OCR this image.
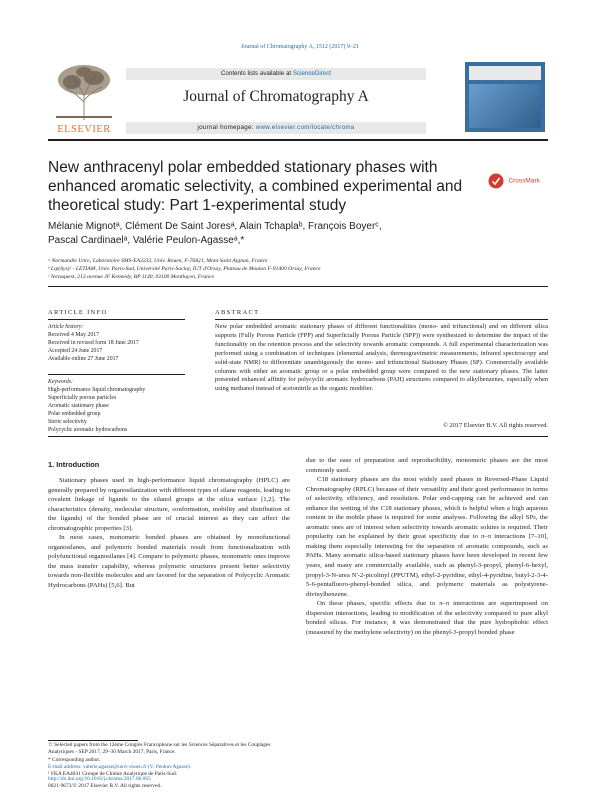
Journal of Chromatography A, 1512 (2017) 9–21
ELSEVIER
Contents lists available at ScienceDirect
Journal of Chromatography A
journal homepage: www.elsevier.com/locate/chroma
New anthracenyl polar embedded stationary phases with enhanced aromatic selectivity, a combined experimental and theoretical study: Part 1-experimental study
CrossMark
Mélanie Mignotᵃ, Clément De Saint Joresᵃ, Alain Tchaplaᵇ, François Boyerᶜ,
Pascal Cardinaelᵃ, Valérie Peulon-Agasseᵃ,*
ᵃ Normandie Univ., Laboratoire SMS-EA3233, Univ. Rouen, F-76821, Mont Saint Aignan, France
ᵇ Lip(Sys)² - LETIAM, Univ. Paris-Sud, Université Paris-Saclay, IUT d'Orsay, Plateau de Moulon F-91400 Orsay, France
ᶜ Novaquest, 213 avenue JF Kennedy, BP 1140, 03100 Montluçon, France
ARTICLE INFO
Article history:
Received 4 May 2017
Received in revised form 18 June 2017
Accepted 24 June 2017
Available online 27 June 2017
Keywords:
High-performance liquid chromatography
Superficially porous particles
Aromatic stationary phase
Polar embedded group
Steric selectivity
Polycyclic aromatic hydrocarbons
ABSTRACT
New polar embedded aromatic stationary phases of different functionalities (mono- and trifunctional) and on different silica supports (Fully Porous Particle (FPP) and Superficially Porous Particle (SPP)) were synthesized to determine the impact of the functionality on the retention process and the selectivity towards aromatic compounds. A full experimental characterization was performed using a combination of techniques (elemental analysis, thermogravimetric measurements, infrared spectroscopy and solid-state NMR) to differentiate unambiguously the mono- and trifunctional Stationary Phases (SP). Commercially available columns with either an aromatic group or a polar embedded group were compared to the new stationary phases. The latter presented enhanced affinity for polycyclic aromatic hydrocarbons (PAH) structures compared to alkylbenzenes, especially when using methanol instead of acetonitrile as the organic modifier.
© 2017 Elsevier B.V. All rights reserved.
1. Introduction

Stationary phases used in high-performance liquid chromatography (HPLC) are generally prepared by organosilanization with different types of silane reagents, leading to covalent linkage of ligands to the silanol groups at the silica surface [1,2]. The characteristics (density, molecular structure, conformation, mobility and distribution of the ligands) of the bonded phase are of crucial interest as they can affect the chromatographic properties [3].

In most cases, monomeric bonded phases are obtained by monofunctional organosilanes, and polymeric bonded materials result from functionalization with polyfunctional organosilanes [4]. Compare to polymeric phases, monomeric ones improve the mass transfer capability, whereas polymeric structures present better selectivity towards non-flexible molecules and are favored for the separation of Polycyclic Aromatic Hydrocarbons (PAHs) [5,6]. But

due to the ease of preparation and reproducibility, monomeric phases are the most commonly used.

C18 stationary phases are the most widely used phases in Reversed-Phase Liquid Chromatography (RPLC) because of their versatility and their good performance in terms of selectivity, efficiency, and resolution. Polar end-capping can be achieved and can enhance the wetting of the C18 stationary phases, which is helpful when a high aqueous content in the mobile phase is required for some analyses. Following the alkyl SPs, the aromatic ones are of interest when selectivity towards aromatic solutes is required. Their popularity can be explained by their great specificity due to π–π interactions [7–10], making them especially interesting for the separation of aromatic compounds, such as PAHs. Many aromatic silica-based stationary phases have been developed in recent few years, and many are commercially available, such as phenyl-3-propyl, phenyl-6-hexyl, propyl-3-N-urea N'-2-picolinyl (PPUTM), ethyl-2-pyridine, ethyl-4-pyridine, butyl-2-3-4-5-6-pentafluoro-phenyl-bonded silica, and polymeric materials as polystyrene-divinylbenzene.

On these phases, specific effects due to π–π interactions are superimposed on dispersion interactions, leading to modification of the selectivity compared to pure alkyl bonded silicas. For instance, it was demonstrated that the pure hydrophobic effect (measured by the methylene selectivity) on the phenyl-3-propyl bonded phase

☆ Selected papers from the 12ème Congrès Francophone sur les Sciences Séparatives et les Couplages Analytiques - SEP 2017, 29–30 March 2017, Paris, France.
* Corresponding author.
E-mail address: valerie.agasse@univ-rouen.fr (V. Peulon-Agasse).
¹ FKA EA4041 Groupe de Chimie Analytique de Paris-Sud.
http://dx.doi.org/10.1016/j.chroma.2017.06.065
0021-9673/© 2017 Elsevier B.V. All rights reserved.
